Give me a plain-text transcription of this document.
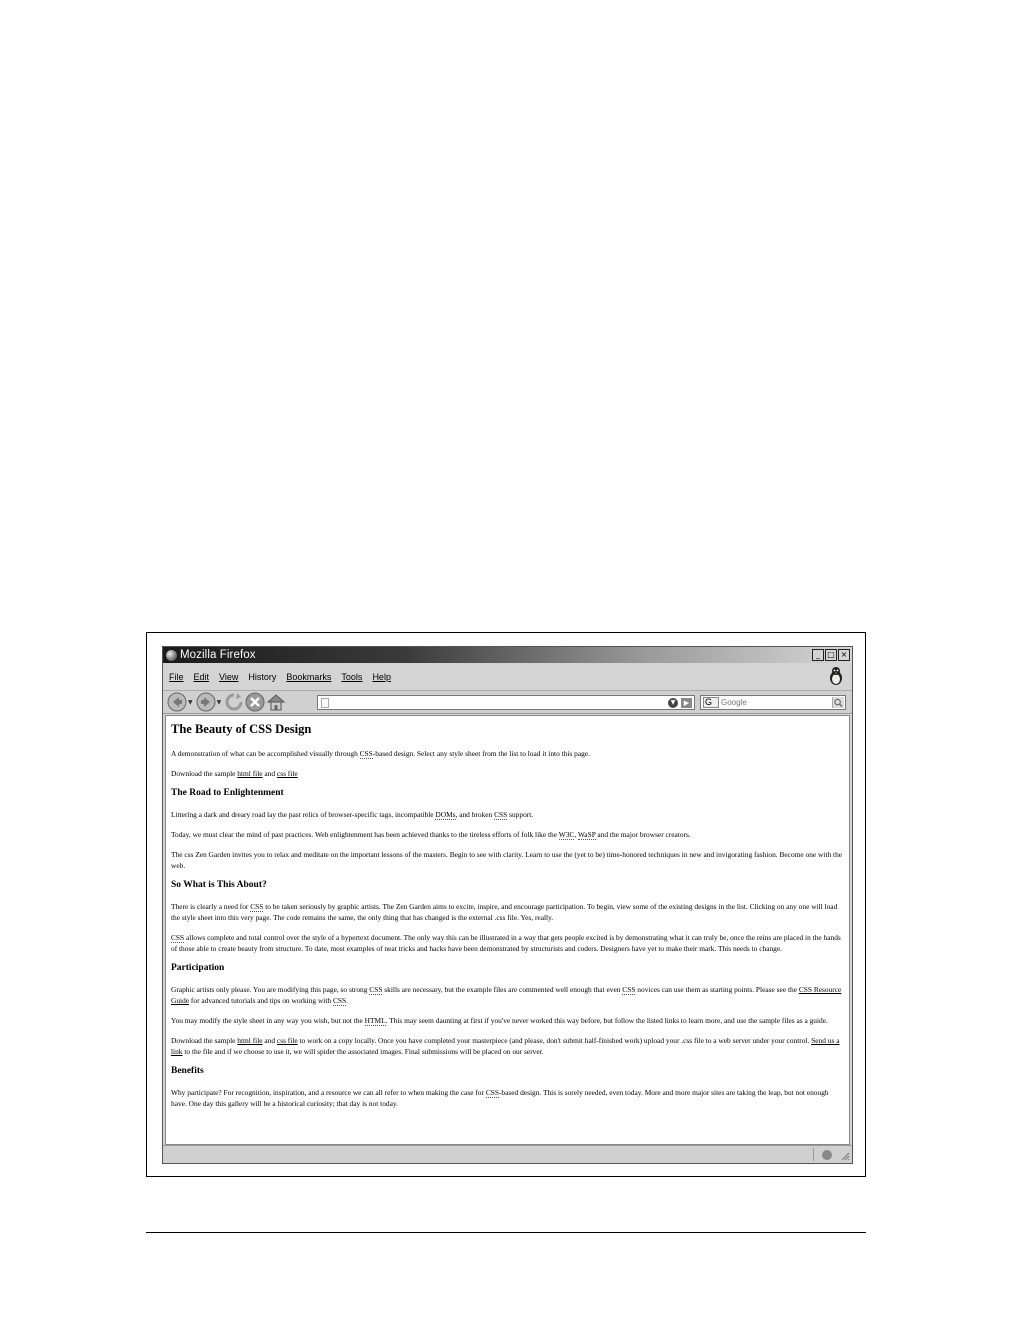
Mozilla Firefox	_ □ ×
File Edit View History Bookmarks Tools Help
▼	▼	▼	▶	G
Google
The Beauty of CSS Design

A demonstration of what can be accomplished visually through CSS-based design. Select any style sheet from the list to load it into this page.

Download the sample html file and css file

The Road to Enlightenment

Littering a dark and dreary road lay the past relics of browser-specific tags, incompatible DOMs, and broken CSS support.

Today, we must clear the mind of past practices. Web enlightenment has been achieved thanks to the tireless efforts of folk like the W3C, WaSP and the major browser creators.

The css Zen Garden invites you to relax and meditate on the important lessons of the masters. Begin to see with clarity. Learn to use the (yet to be) time-honored techniques in new and invigorating fashion. Become one with the web.

So What is This About?

There is clearly a need for CSS to be taken seriously by graphic artists. The Zen Garden aims to excite, inspire, and encourage participation. To begin, view some of the existing designs in the list. Clicking on any one will load the style sheet into this very page. The code remains the same, the only thing that has changed is the external .css file. Yes, really.

CSS allows complete and total control over the style of a hypertext document. The only way this can be illustrated in a way that gets people excited is by demonstrating what it can truly be, once the reins are placed in the hands of those able to create beauty from structure. To date, most examples of neat tricks and hacks have been demonstrated by structurists and coders. Designers have yet to make their mark. This needs to change.

Participation

Graphic artists only please. You are modifying this page, so strong CSS skills are necessary, but the example files are commented well enough that even CSS novices can use them as starting points. Please see the CSS Resource Guide for advanced tutorials and tips on working with CSS.

You may modify the style sheet in any way you wish, but not the HTML. This may seem daunting at first if you've never worked this way before, but follow the listed links to learn more, and use the sample files as a guide.

Download the sample html file and css file to work on a copy locally. Once you have completed your masterpiece (and please, don't submit half-finished work) upload your .css file to a web server under your control. Send us a link to the file and if we choose to use it, we will spider the associated images. Final submissions will be placed on our server.

Benefits

Why participate? For recognition, inspiration, and a resource we can all refer to when making the case for CSS-based design. This is sorely needed, even today. More and more major sites are taking the leap, but not enough have. One day this gallery will be a historical curiosity; that day is not today.
